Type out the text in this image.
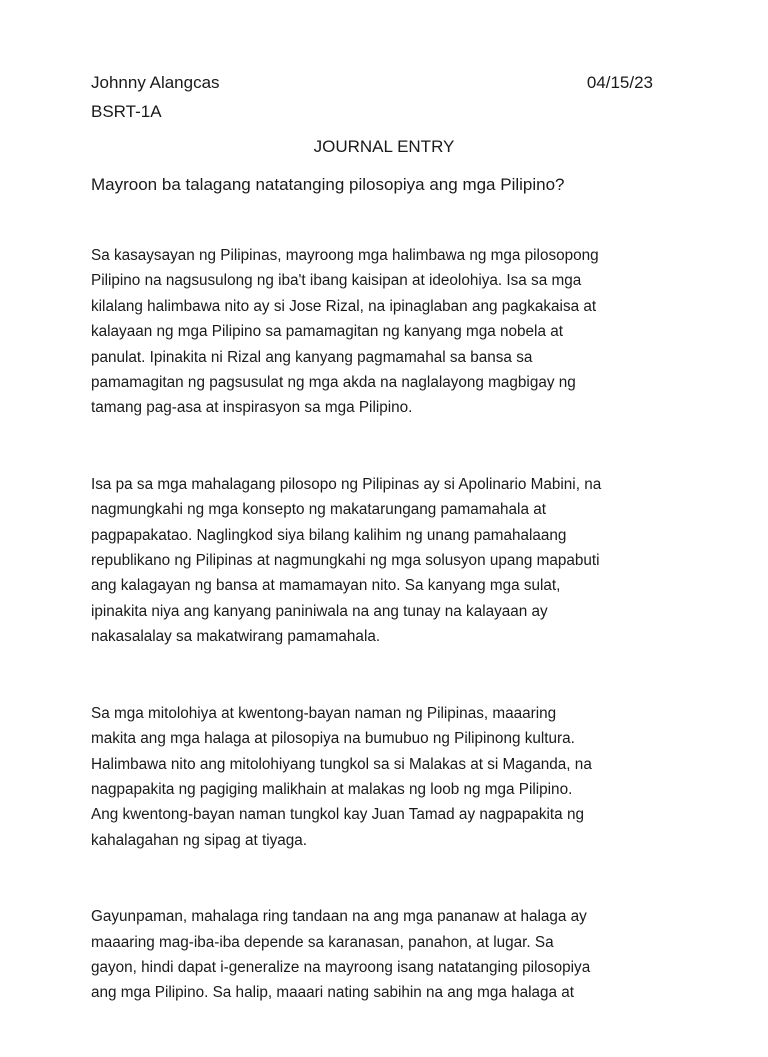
Johnny Alangcas	04/15/23
BSRT-1A
JOURNAL ENTRY
Mayroon ba talagang natatanging pilosopiya ang mga Pilipino?

Sa kasaysayan ng Pilipinas, mayroong mga halimbawa ng mga pilosopong
Pilipino na nagsusulong ng iba't ibang kaisipan at ideolohiya. Isa sa mga
kilalang halimbawa nito ay si Jose Rizal, na ipinaglaban ang pagkakaisa at
kalayaan ng mga Pilipino sa pamamagitan ng kanyang mga nobela at
panulat. Ipinakita ni Rizal ang kanyang pagmamahal sa bansa sa
pamamagitan ng pagsusulat ng mga akda na naglalayong magbigay ng
tamang pag-asa at inspirasyon sa mga Pilipino.

Isa pa sa mga mahalagang pilosopo ng Pilipinas ay si Apolinario Mabini, na
nagmungkahi ng mga konsepto ng makatarungang pamamahala at
pagpapakatao. Naglingkod siya bilang kalihim ng unang pamahalaang
republikano ng Pilipinas at nagmungkahi ng mga solusyon upang mapabuti
ang kalagayan ng bansa at mamamayan nito. Sa kanyang mga sulat,
ipinakita niya ang kanyang paniniwala na ang tunay na kalayaan ay
nakasalalay sa makatwirang pamamahala.

Sa mga mitolohiya at kwentong-bayan naman ng Pilipinas, maaaring
makita ang mga halaga at pilosopiya na bumubuo ng Pilipinong kultura.
Halimbawa nito ang mitolohiyang tungkol sa si Malakas at si Maganda, na
nagpapakita ng pagiging malikhain at malakas ng loob ng mga Pilipino.
Ang kwentong-bayan naman tungkol kay Juan Tamad ay nagpapakita ng
kahalagahan ng sipag at tiyaga.

Gayunpaman, mahalaga ring tandaan na ang mga pananaw at halaga ay
maaaring mag-iba-iba depende sa karanasan, panahon, at lugar. Sa
gayon, hindi dapat i-generalize na mayroong isang natatanging pilosopiya
ang mga Pilipino. Sa halip, maaari nating sabihin na ang mga halaga at
